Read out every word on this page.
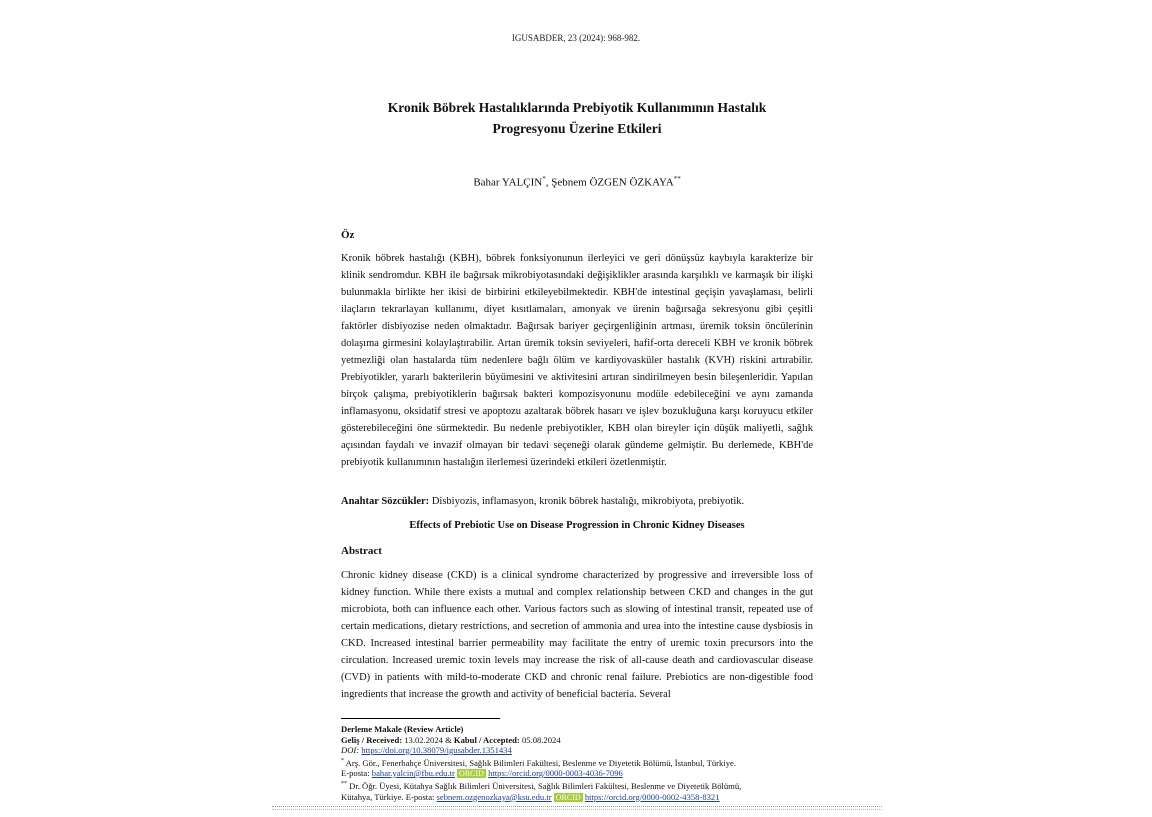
IGUSABDER, 23 (2024): 968-982.
Kronik Böbrek Hastalıklarında Prebiyotik Kullanımının Hastalık
Progresyonu Üzerine Etkileri
Bahar YALÇIN*, Şebnem ÖZGEN ÖZKAYA**
Öz

Kronik böbrek hastalığı (KBH), böbrek fonksiyonunun ilerleyici ve geri dönüşsüz kaybıyla karakterize bir klinik sendromdur. KBH ile bağırsak mikrobiyotasındaki değişiklikler arasında karşılıklı ve karmaşık bir ilişki bulunmakla birlikte her ikisi de birbirini etkileyebilmektedir. KBH'de intestinal geçişin yavaşlaması, belirli ilaçların tekrarlayan kullanımı, diyet kısıtlamaları, amonyak ve ürenin bağırsağa sekresyonu gibi çeşitli faktörler disbiyozise neden olmaktadır. Bağırsak bariyer geçirgenliğinin artması, üremik toksin öncülerinin dolaşıma girmesini kolaylaştırabilir. Artan üremik toksin seviyeleri, hafif-orta dereceli KBH ve kronik böbrek yetmezliği olan hastalarda tüm nedenlere bağlı ölüm ve kardiyovasküler hastalık (KVH) riskini artırabilir. Prebiyotikler, yararlı bakterilerin büyümesini ve aktivitesini artıran sindirilmeyen besin bileşenleridir. Yapılan birçok çalışma, prebiyotiklerin bağırsak bakteri kompozisyonunu modüle edebileceğini ve aynı zamanda inflamasyonu, oksidatif stresi ve apoptozu azaltarak böbrek hasarı ve işlev bozukluğuna karşı koruyucu etkiler gösterebileceğini öne sürmektedir. Bu nedenle prebiyotikler, KBH olan bireyler için düşük maliyetli, sağlık açısından faydalı ve invazif olmayan bir tedavi seçeneği olarak gündeme gelmiştir. Bu derlemede, KBH'de prebiyotik kullanımının hastalığın ilerlemesi üzerindeki etkileri özetlenmiştir.

Anahtar Sözcükler: Disbiyozis, inflamasyon, kronik böbrek hastalığı, mikrobiyota, prebiyotik.
Effects of Prebiotic Use on Disease Progression in Chronic Kidney Diseases
Abstract

Chronic kidney disease (CKD) is a clinical syndrome characterized by progressive and irreversible loss of kidney function. While there exists a mutual and complex relationship between CKD and changes in the gut microbiota, both can influence each other. Various factors such as slowing of intestinal transit, repeated use of certain medications, dietary restrictions, and secretion of ammonia and urea into the intestine cause dysbiosis in CKD. Increased intestinal barrier permeability may facilitate the entry of uremic toxin precursors into the circulation. Increased uremic toxin levels may increase the risk of all-cause death and cardiovascular disease (CVD) in patients with mild-to-moderate CKD and chronic renal failure. Prebiotics are non-digestible food ingredients that increase the growth and activity of beneficial bacteria. Several

Derleme Makale (Review Article)
Geliş / Received: 13.02.2024 & Kabul / Accepted: 05.08.2024
DOI: https://doi.org/10.38079/igusabder.1351434
* Arş. Gör., Fenerbahçe Üniversitesi, Sağlık Bilimleri Fakültesi, Beslenme ve Diyetetik Bölümü, İstanbul, Türkiye.
E-posta: bahar.yalcin@fbu.edu.tr ORCID https://orcid.org/0000-0003-4036-7096
** Dr. Öğr. Üyesi, Kütahya Sağlık Bilimleri Üniversitesi, Sağlık Bilimleri Fakültesi, Beslenme ve Diyetetik Bölümü,
Kütahya, Türkiye. E-posta: sebnem.ozgenozkaya@ksu.edu.tr ORCID https://orcid.org/0000-0002-4358-8321
